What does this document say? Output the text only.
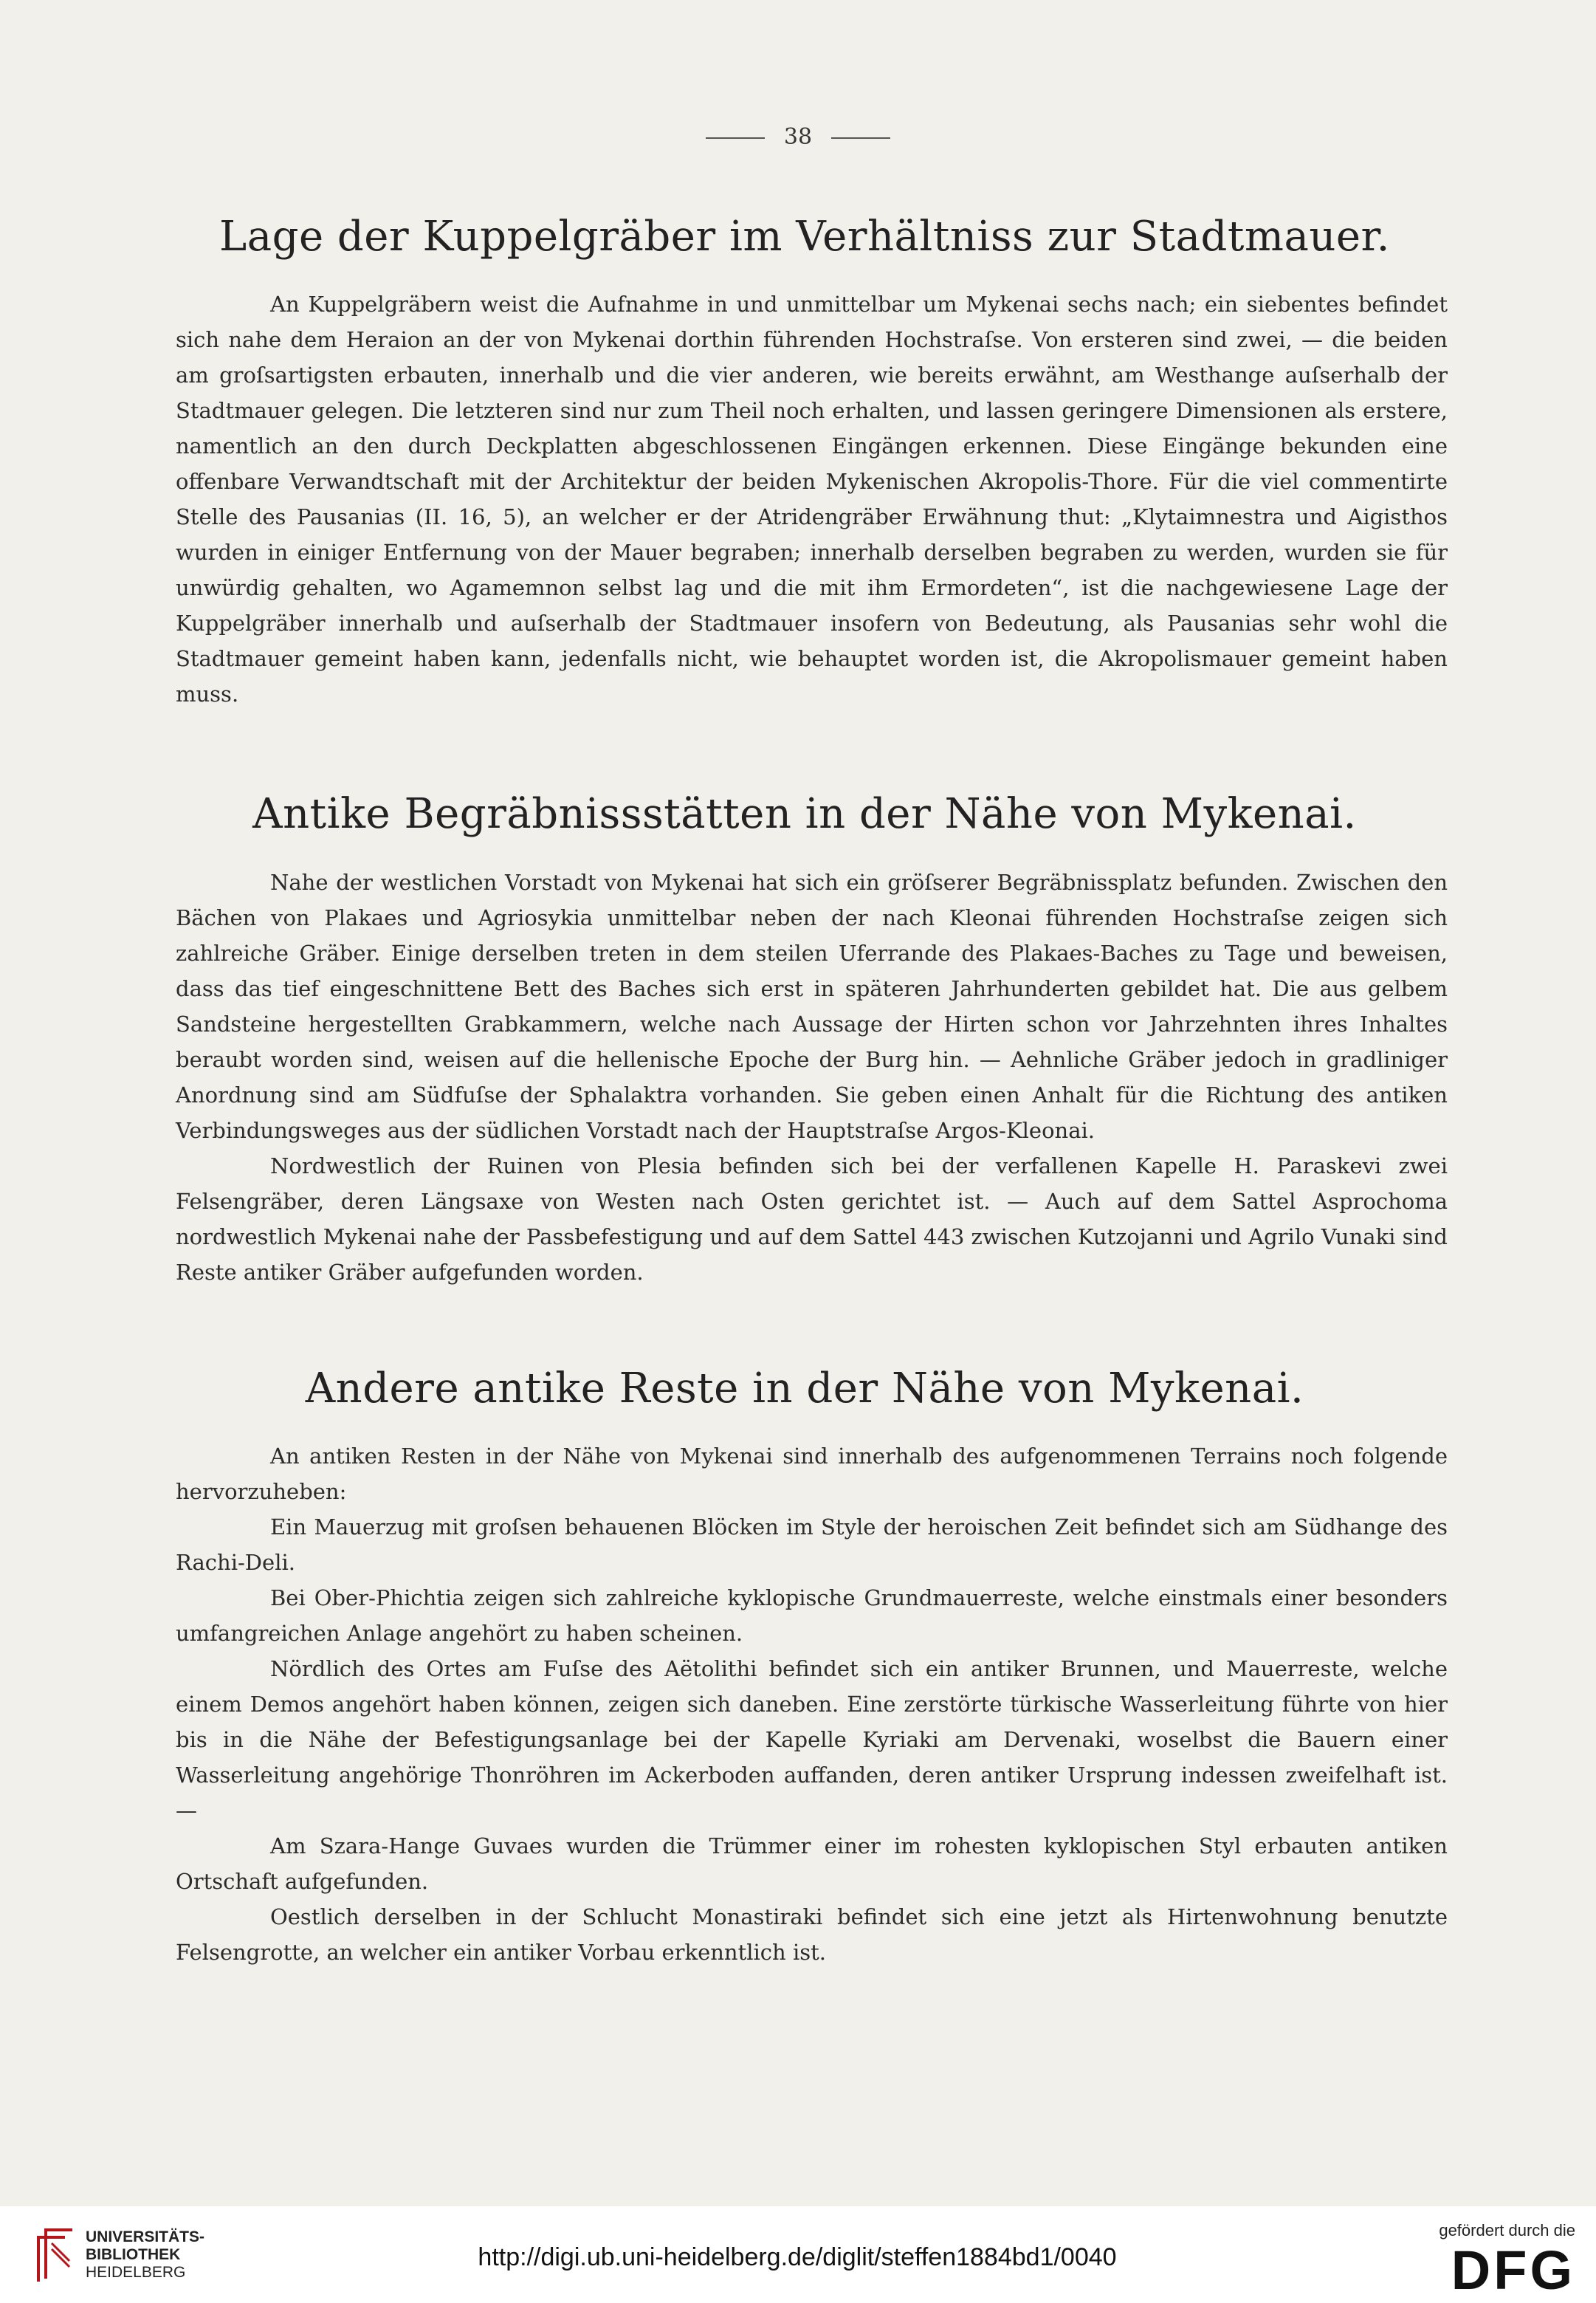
38
Lage der Kuppelgräber im Verhältniss zur Stadtmauer.

An Kuppelgräbern weist die Aufnahme in und unmittelbar um Mykenai sechs nach; ein siebentes befindet sich nahe dem Heraion an der von Mykenai dorthin führenden Hochstraſse. Von ersteren sind zwei, — die beiden am groſsartigsten erbauten, innerhalb und die vier anderen, wie bereits erwähnt, am Westhange auſserhalb der Stadtmauer gelegen. Die letzteren sind nur zum Theil noch erhalten, und lassen geringere Dimensionen als erstere, namentlich an den durch Deckplatten abgeschlossenen Eingängen erkennen. Diese Eingänge bekunden eine offenbare Verwandtschaft mit der Architektur der beiden Mykenischen Akropolis-Thore. Für die viel commentirte Stelle des Pausanias (II. 16, 5), an welcher er der Atridengräber Erwähnung thut: „Klytaimnestra und Aigisthos wurden in einiger Entfernung von der Mauer begraben; innerhalb derselben begraben zu werden, wurden sie für unwürdig gehalten, wo Agamemnon selbst lag und die mit ihm Ermordeten“, ist die nachgewiesene Lage der Kuppelgräber innerhalb und auſserhalb der Stadtmauer insofern von Bedeutung, als Pausanias sehr wohl die Stadtmauer gemeint haben kann, jedenfalls nicht, wie behauptet worden ist, die Akropolismauer gemeint haben muss.

Antike Begräbnissstätten in der Nähe von Mykenai.

Nahe der westlichen Vorstadt von Mykenai hat sich ein gröſserer Begräbnissplatz befunden. Zwischen den Bächen von Plakaes und Agriosykia unmittelbar neben der nach Kleonai führenden Hochstraſse zeigen sich zahlreiche Gräber. Einige derselben treten in dem steilen Uferrande des Plakaes-Baches zu Tage und beweisen, dass das tief eingeschnittene Bett des Baches sich erst in späteren Jahrhunderten gebildet hat. Die aus gelbem Sandsteine hergestellten Grabkammern, welche nach Aussage der Hirten schon vor Jahrzehnten ihres Inhaltes beraubt worden sind, weisen auf die hellenische Epoche der Burg hin. — Aehnliche Gräber jedoch in gradliniger Anordnung sind am Südfuſse der Sphalaktra vorhanden. Sie geben einen Anhalt für die Richtung des antiken Verbindungsweges aus der südlichen Vorstadt nach der Hauptstraſse Argos-Kleonai.

Nordwestlich der Ruinen von Plesia befinden sich bei der verfallenen Kapelle H. Paraskevi zwei Felsengräber, deren Längsaxe von Westen nach Osten gerichtet ist. — Auch auf dem Sattel Asprochoma nordwestlich Mykenai nahe der Passbefestigung und auf dem Sattel 443 zwischen Kutzojanni und Agrilo Vunaki sind Reste antiker Gräber aufgefunden worden.

Andere antike Reste in der Nähe von Mykenai.

An antiken Resten in der Nähe von Mykenai sind innerhalb des aufgenommenen Terrains noch folgende hervorzuheben:

Ein Mauerzug mit groſsen behauenen Blöcken im Style der heroischen Zeit befindet sich am Südhange des Rachi-Deli.

Bei Ober-Phichtia zeigen sich zahlreiche kyklopische Grundmauerreste, welche einstmals einer besonders umfangreichen Anlage angehört zu haben scheinen.

Nördlich des Ortes am Fuſse des Aëtolithi befindet sich ein antiker Brunnen, und Mauerreste, welche einem Demos angehört haben können, zeigen sich daneben. Eine zerstörte türkische Wasserleitung führte von hier bis in die Nähe der Befestigungsanlage bei der Kapelle Kyriaki am Dervenaki, woselbst die Bauern einer Wasserleitung angehörige Thonröhren im Ackerboden auffanden, deren antiker Ursprung indessen zweifelhaft ist. —

Am Szara-Hange Guvaes wurden die Trümmer einer im rohesten kyklopischen Styl erbauten antiken Ortschaft aufgefunden.

Oestlich derselben in der Schlucht Monastiraki befindet sich eine jetzt als Hirtenwohnung benutzte Felsengrotte, an welcher ein antiker Vorbau erkenntlich ist.

UNIVERSITÄTS-
BIBLIOTHEK
HEIDELBERG
http://digi.ub.uni-heidelberg.de/diglit/steffen1884bd1/0040
gefördert durch die
DFG
